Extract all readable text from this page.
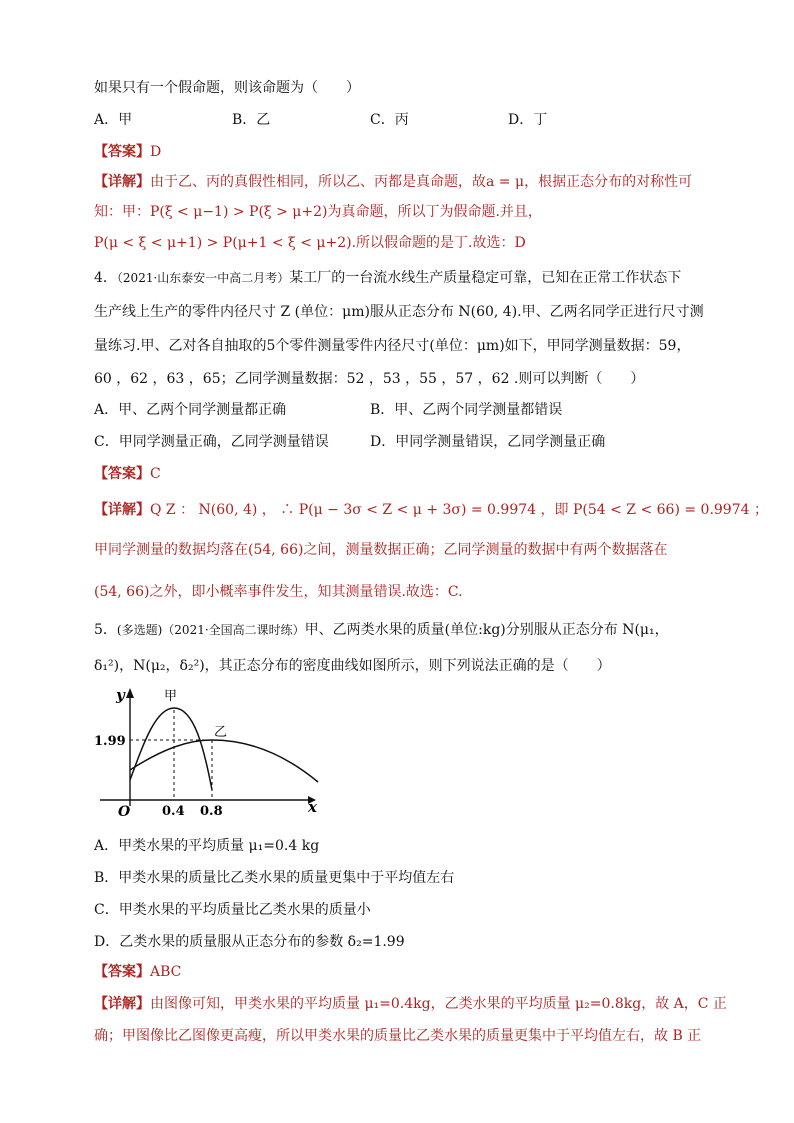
如果只有一个假命题，则该命题为（　　）
A．甲	B．乙	C．丙	D．丁
【答案】D
【详解】由于乙、丙的真假性相同，所以乙、丙都是真命题，故a = μ，根据正态分布的对称性可
知：甲：P(ξ < μ−1) > P(ξ > μ+2)为真命题，所以丁为假命题.并且，
P(μ < ξ < μ+1) > P(μ+1 < ξ < μ+2).所以假命题的是丁.故选：D
4．（2021·山东泰安一中高二月考）某工厂的一台流水线生产质量稳定可靠，已知在正常工作状态下
生产线上生产的零件内径尺寸 Z (单位：μm)服从正态分布 N(60, 4).甲、乙两名同学正进行尺寸测
量练习.甲、乙对各自抽取的5个零件测量零件内径尺寸(单位：μm)如下，甲同学测量数据：59，
60 ，62 ，63 ，65；乙同学测量数据：52 ，53 ，55 ，57 ，62 .则可以判断（　　）
A．甲、乙两个同学测量都正确	B．甲、乙两个同学测量都错误
C．甲同学测量正确，乙同学测量错误	D．甲同学测量错误，乙同学测量正确
【答案】C
【详解】Q Z ： N(60, 4) ， ∴ P(μ − 3σ < Z < μ + 3σ) = 0.9974 ，即 P(54 < Z < 66) = 0.9974 ；
甲同学测量的数据均落在(54, 66)之间，测量数据正确；乙同学测量的数据中有两个数据落在
(54, 66)之外，即小概率事件发生，知其测量错误.故选：C.
5．(多选题)（2021·全国高二课时练）甲、乙两类水果的质量(单位:kg)分别服从正态分布 N(μ₁，
δ₁²)，N(μ₂，δ₂²)，其正态分布的密度曲线如图所示，则下列说法正确的是（　　）
y
x
O
甲
乙
1.99
0.4 0.8
A．甲类水果的平均质量 μ₁=0.4 kg
B．甲类水果的质量比乙类水果的质量更集中于平均值左右
C．甲类水果的平均质量比乙类水果的质量小
D．乙类水果的质量服从正态分布的参数 δ₂=1.99
【答案】ABC
【详解】由图像可知，甲类水果的平均质量 μ₁=0.4kg，乙类水果的平均质量 μ₂=0.8kg，故 A，C 正
确；甲图像比乙图像更高瘦，所以甲类水果的质量比乙类水果的质量更集中于平均值左右，故 B 正
